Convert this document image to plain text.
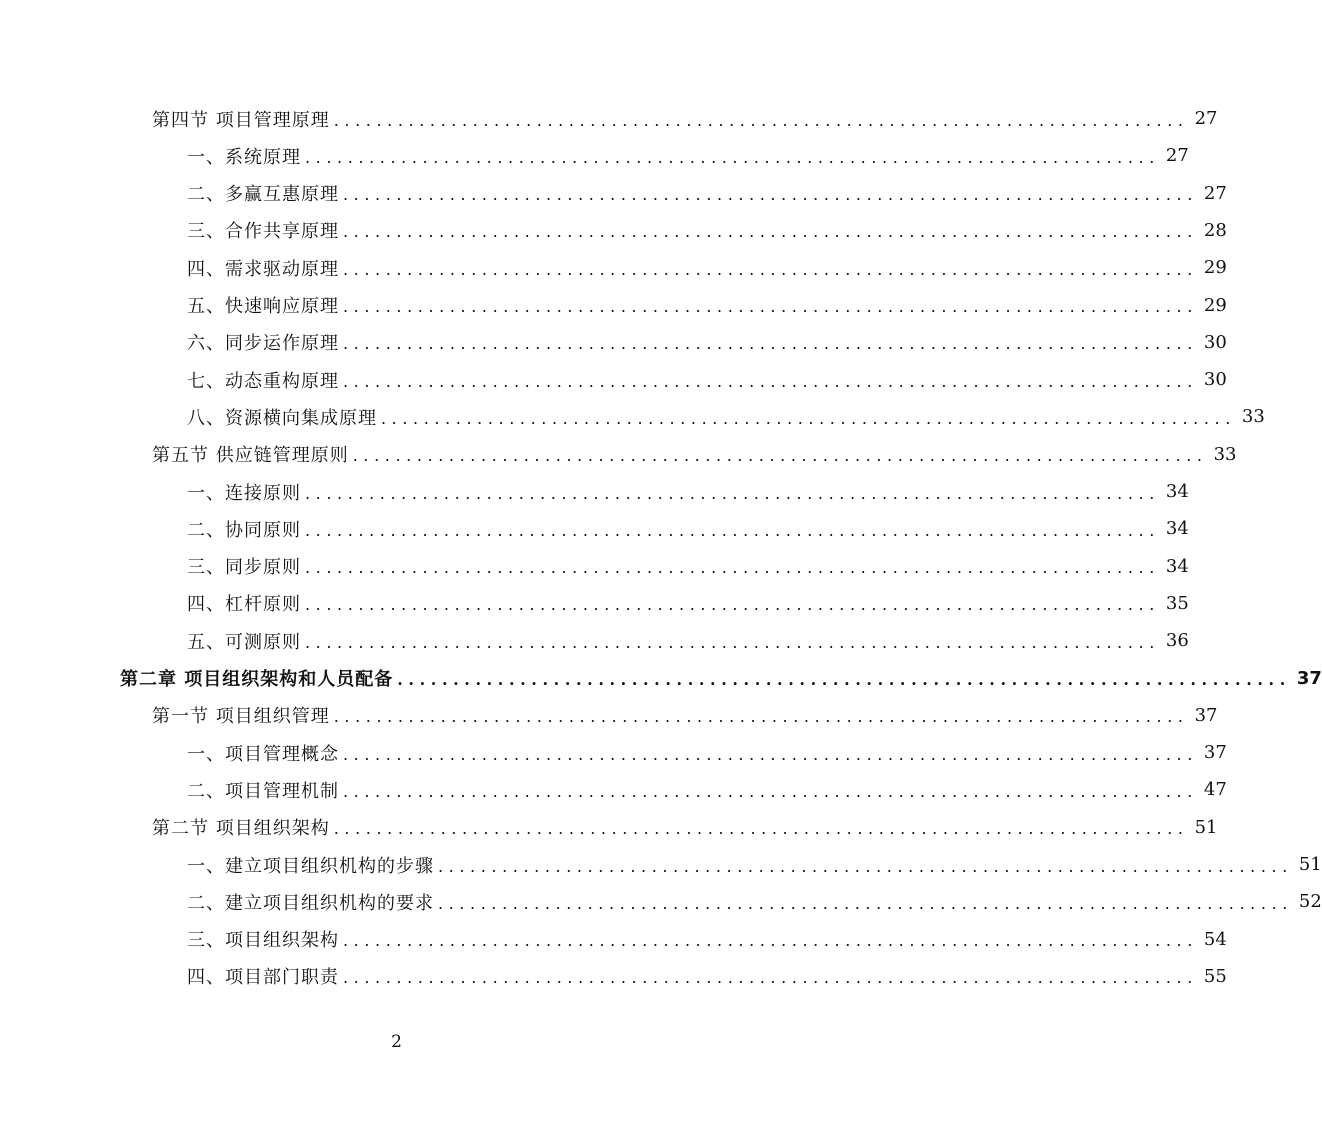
第四节 项目管理原理 ................................................................................ 27
一、系统原理 ................................................................................ 27
二、多赢互惠原理 ................................................................................ 27
三、合作共享原理 ................................................................................ 28
四、需求驱动原理 ................................................................................ 29
五、快速响应原理 ................................................................................ 29
六、同步运作原理 ................................................................................ 30
七、动态重构原理 ................................................................................ 30
八、资源横向集成原理 ................................................................................ 33
第五节 供应链管理原则 ................................................................................ 33
一、连接原则 ................................................................................ 34
二、协同原则 ................................................................................ 34
三、同步原则 ................................................................................ 34
四、杠杆原则 ................................................................................ 35
五、可测原则 ................................................................................ 36
第二章 项目组织架构和人员配备 ................................................................................ 37
第一节 项目组织管理 ................................................................................ 37
一、项目管理概念 ................................................................................ 37
二、项目管理机制 ................................................................................ 47
第二节 项目组织架构 ................................................................................ 51
一、建立项目组织机构的步骤 ................................................................................ 51
二、建立项目组织机构的要求 ................................................................................ 52
三、项目组织架构 ................................................................................ 54
四、项目部门职责 ................................................................................ 55
2
